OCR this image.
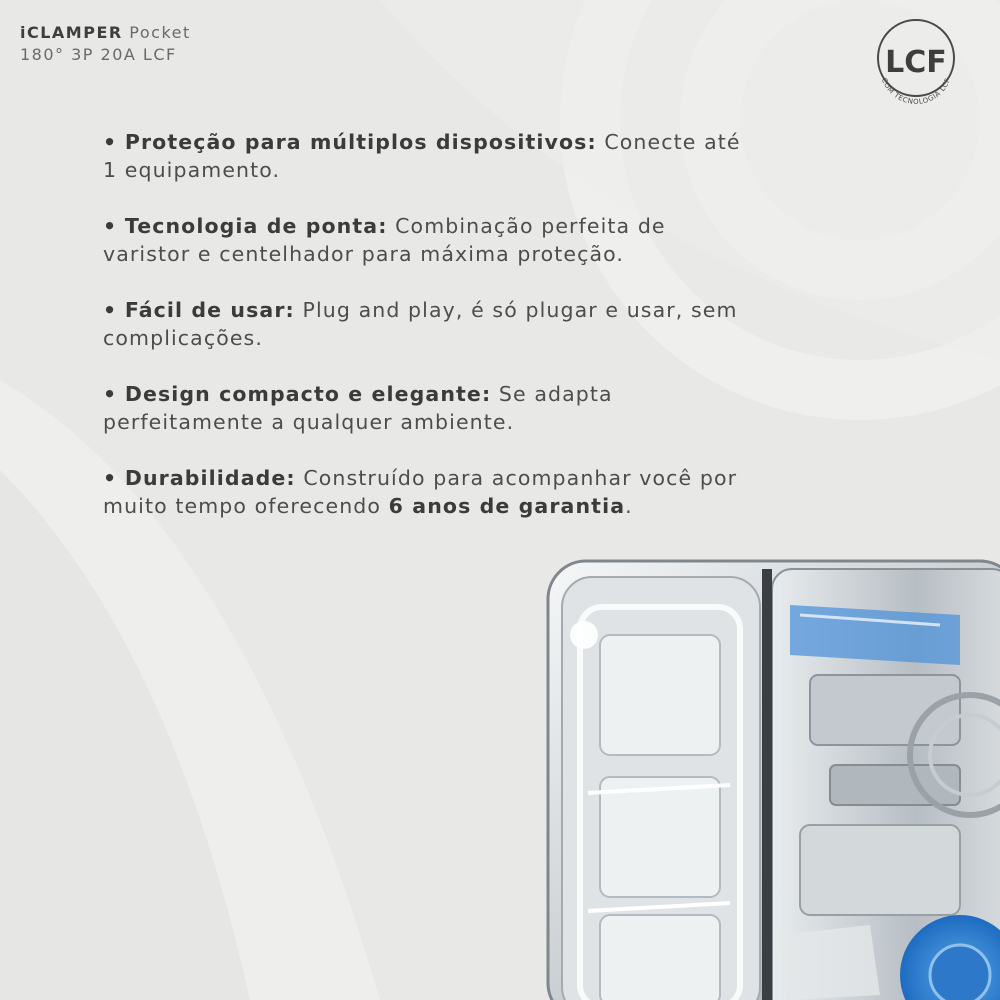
iCLAMPER Pocket
180° 3P 20A LCF	LCF
COM TECNOLOGIA LCF
• Proteção para múltiplos dispositivos: Conecte até 1 equipamento.
• Tecnologia de ponta: Combinação perfeita de varistor e centelhador para máxima proteção.
• Fácil de usar: Plug and play, é só plugar e usar, sem complicações.
• Design compacto e elegante: Se adapta perfeitamente a qualquer ambiente.
• Durabilidade: Construído para acompanhar você por muito tempo oferecendo 6 anos de garantia.
